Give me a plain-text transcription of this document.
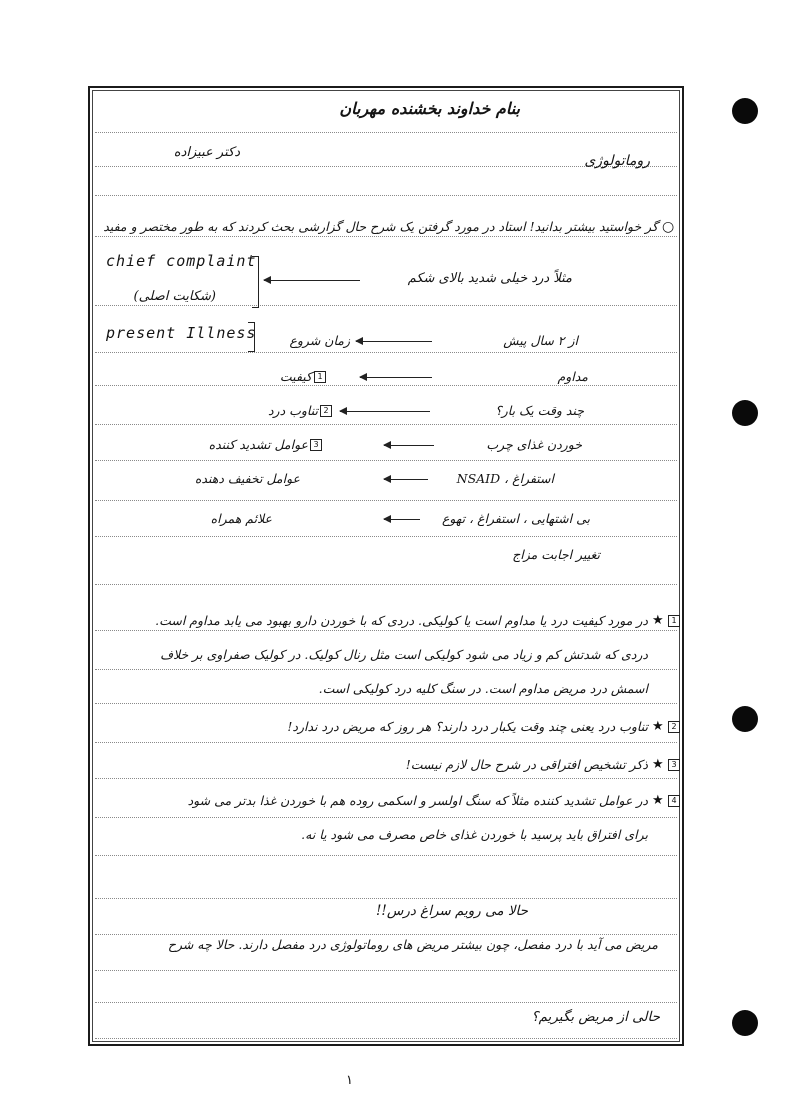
بنام خداوند بخشنده مهربان
دکتر عبیزاده
روماتولوژی
گر خواستید بیشتر بدانید! استاد در مورد گرفتن یک شرح حال گزارشی بحث کردند که به طور مختصر و مفید ○
chief complaint
(شکایت اصلی)
مثلاً درد خیلی شدید بالای شکم
present Illness	زمان شروع	از ۲ سال پیش
کیفیت 1	مداوم
تناوب درد 2	چند وقت یک بار؟
عوامل تشدید کننده 3	خوردن غذای چرب
عوامل تخفیف دهنده	استفراغ ، NSAID
علائم همراه	بی اشتهایی ، استفراغ ، تهوع
تغییر اجابت مزاج
★ 1
در مورد کیفیت درد یا مداوم است یا کولیکی. دردی که با خوردن دارو بهبود می یابد مداوم است.
دردی که شدتش کم و زیاد می شود کولیکی است مثل رنال کولیک. در کولیک صفراوی بر خلاف
اسمش درد مریض مداوم است. در سنگ کلیه درد کولیکی است.
★ 2
تناوب درد یعنی چند وقت یکبار درد دارند؟ هر روز که مریض درد ندارد!
★ 3
ذکر تشخیص افتراقی در شرح حال لازم نیست!
★ 4
در عوامل تشدید کننده مثلاً که سنگ اولسر و اسکمی روده هم با خوردن غذا بدتر می شود
برای افتراق باید پرسید با خوردن غذای خاص مصرف می شود یا نه.
حالا می رویم سراغ درس!!
مریض می آید با درد مفصل، چون بیشتر مریض های روماتولوژی درد مفصل دارند. حالا چه شرح
حالی از مریض بگیریم؟
۱
